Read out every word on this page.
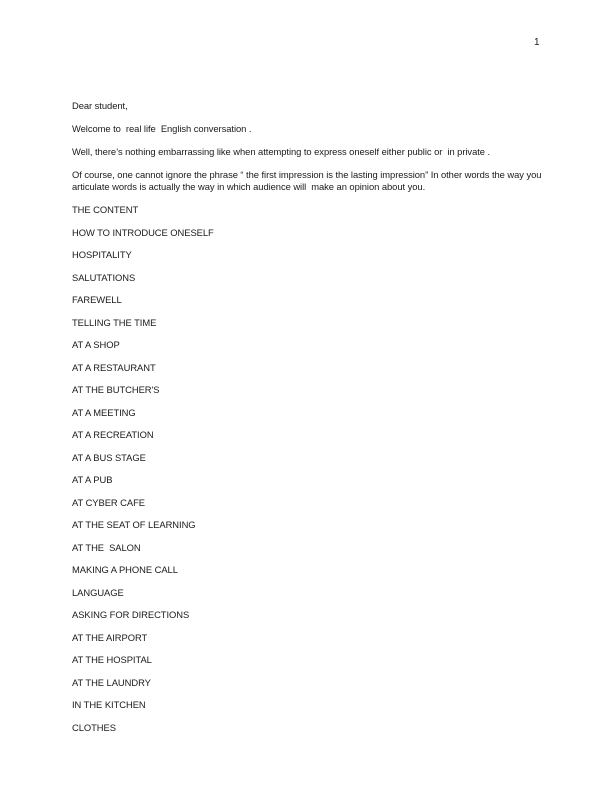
1

Dear student,

Welcome to  real life  English conversation .

Well, there’s nothing embarrassing like when attempting to express oneself either public or  in private .

Of course, one cannot ignore the phrase “ the first impression is the lasting impression” In other words the way you articulate words is actually the way in which audience will  make an opinion about you.

THE CONTENT

HOW TO INTRODUCE ONESELF
HOSPITALITY
SALUTATIONS
FAREWELL
TELLING THE TIME
AT A SHOP
AT A RESTAURANT
AT THE BUTCHER'S
AT A MEETING
AT A RECREATION
AT A BUS STAGE
AT A PUB
AT CYBER CAFE
AT THE SEAT OF LEARNING
AT THE  SALON
MAKING A PHONE CALL
LANGUAGE
ASKING FOR DIRECTIONS
AT THE AIRPORT
AT THE HOSPITAL
AT THE LAUNDRY
IN THE KITCHEN
CLOTHES
